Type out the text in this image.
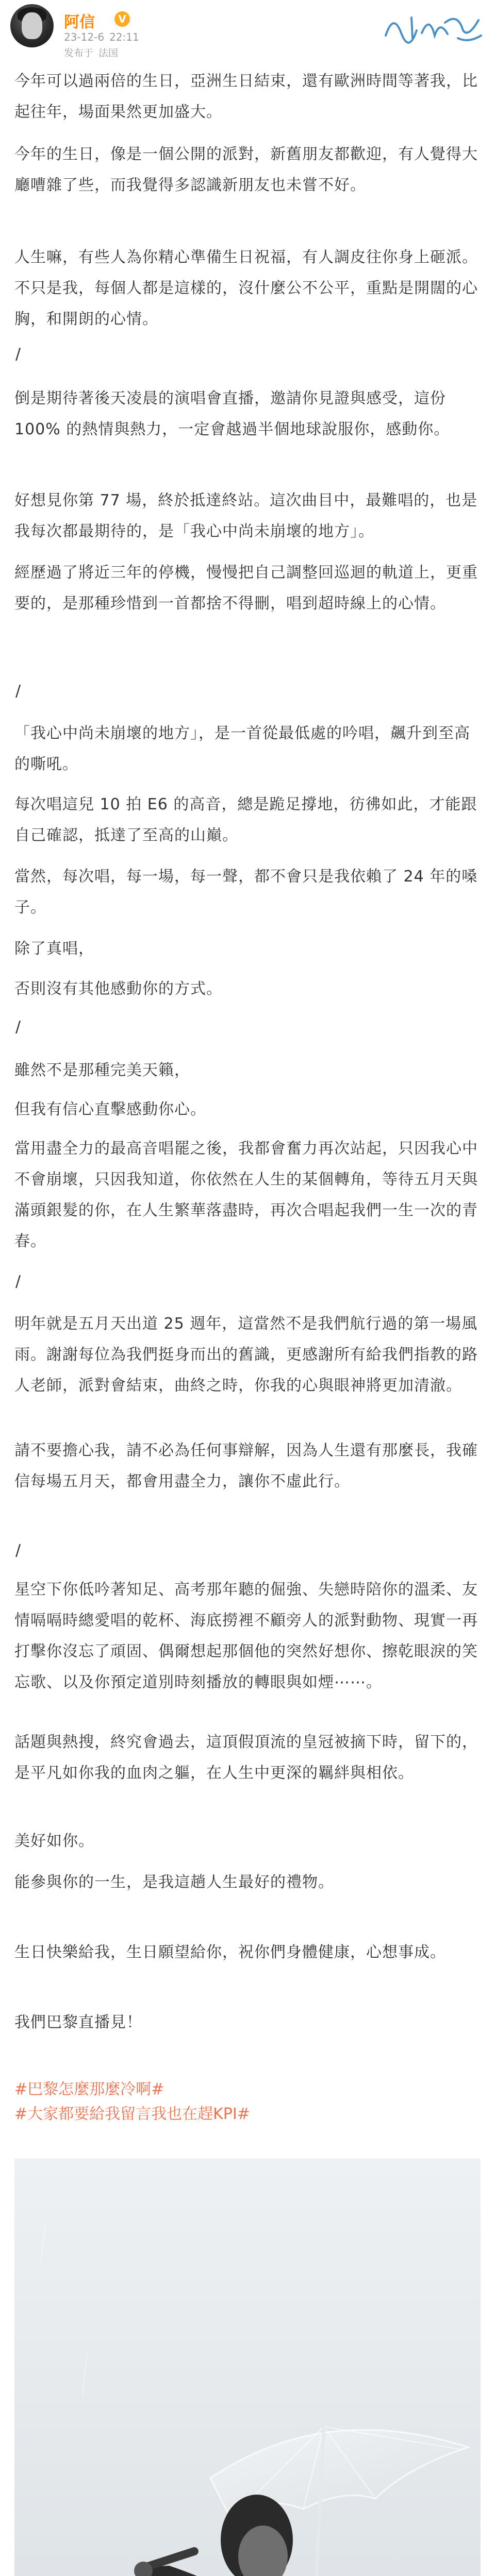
阿信	V
23-12-6 22:11
发布于 法国

今年可以過兩倍的生日，亞洲生日結束，還有歐洲時間等著我，比起往年，場面果然更加盛大。

今年的生日，像是一個公開的派對，新舊朋友都歡迎，有人覺得大廳嘈雜了些，而我覺得多認識新朋友也未嘗不好。

人生嘛，有些人為你精心準備生日祝福，有人調皮往你身上砸派。不只是我，每個人都是這樣的，沒什麼公不公平，重點是開闊的心胸，和開朗的心情。

/

倒是期待著後天凌晨的演唱會直播，邀請你見證與感受，這份 100% 的熱情與熱力，一定會越過半個地球說服你，感動你。

好想見你第 77 場，終於抵達終站。這次曲目中，最難唱的，也是我每次都最期待的，是「我心中尚未崩壞的地方」。

經歷過了將近三年的停機，慢慢把自己調整回巡迴的軌道上，更重要的，是那種珍惜到一首都捨不得刪，唱到超時線上的心情。

/

「我心中尚未崩壞的地方」，是一首從最低處的吟唱，飆升到至高的嘶吼。

每次唱這兒 10 拍 E6 的高音，總是跪足撐地，彷彿如此，才能跟自己確認，抵達了至高的山巔。

當然，每次唱，每一場，每一聲，都不會只是我依賴了 24 年的嗓子。

除了真唱，

否則沒有其他感動你的方式。

/

雖然不是那種完美天籟，

但我有信心直擊感動你心。

當用盡全力的最高音唱罷之後，我都會奮力再次站起，只因我心中不會崩壞，只因我知道，你依然在人生的某個轉角，等待五月天與滿頭銀髮的你，在人生繁華落盡時，再次合唱起我們一生一次的青春。

/

明年就是五月天出道 25 週年，這當然不是我們航行過的第一場風雨。謝謝每位為我們挺身而出的舊識，更感謝所有給我們指教的路人老師，派對會結束，曲終之時，你我的心與眼神將更加清澈。

請不要擔心我，請不必為任何事辯解，因為人生還有那麼長，我確信每場五月天，都會用盡全力，讓你不虛此行。

/

星空下你低吟著知足、高考那年聽的倔強、失戀時陪你的溫柔、友情嗝嗝時總愛唱的乾杯、海底撈裡不顧旁人的派對動物、現實一再打擊你沒忘了頑固、偶爾想起那個他的突然好想你、擦乾眼淚的笑忘歌、以及你預定道別時刻播放的轉眼與如煙⋯⋯。

話題與熱搜，終究會過去，這頂假頂流的皇冠被摘下時，留下的，是平凡如你我的血肉之軀，在人生中更深的羈絆與相依。

美好如你。

能參與你的一生，是我這趟人生最好的禮物。

生日快樂給我，生日願望給你，祝你們身體健康，心想事成。

我們巴黎直播見！

#巴黎怎麼那麼冷啊#
#大家都要給我留言我也在趕KPI#
